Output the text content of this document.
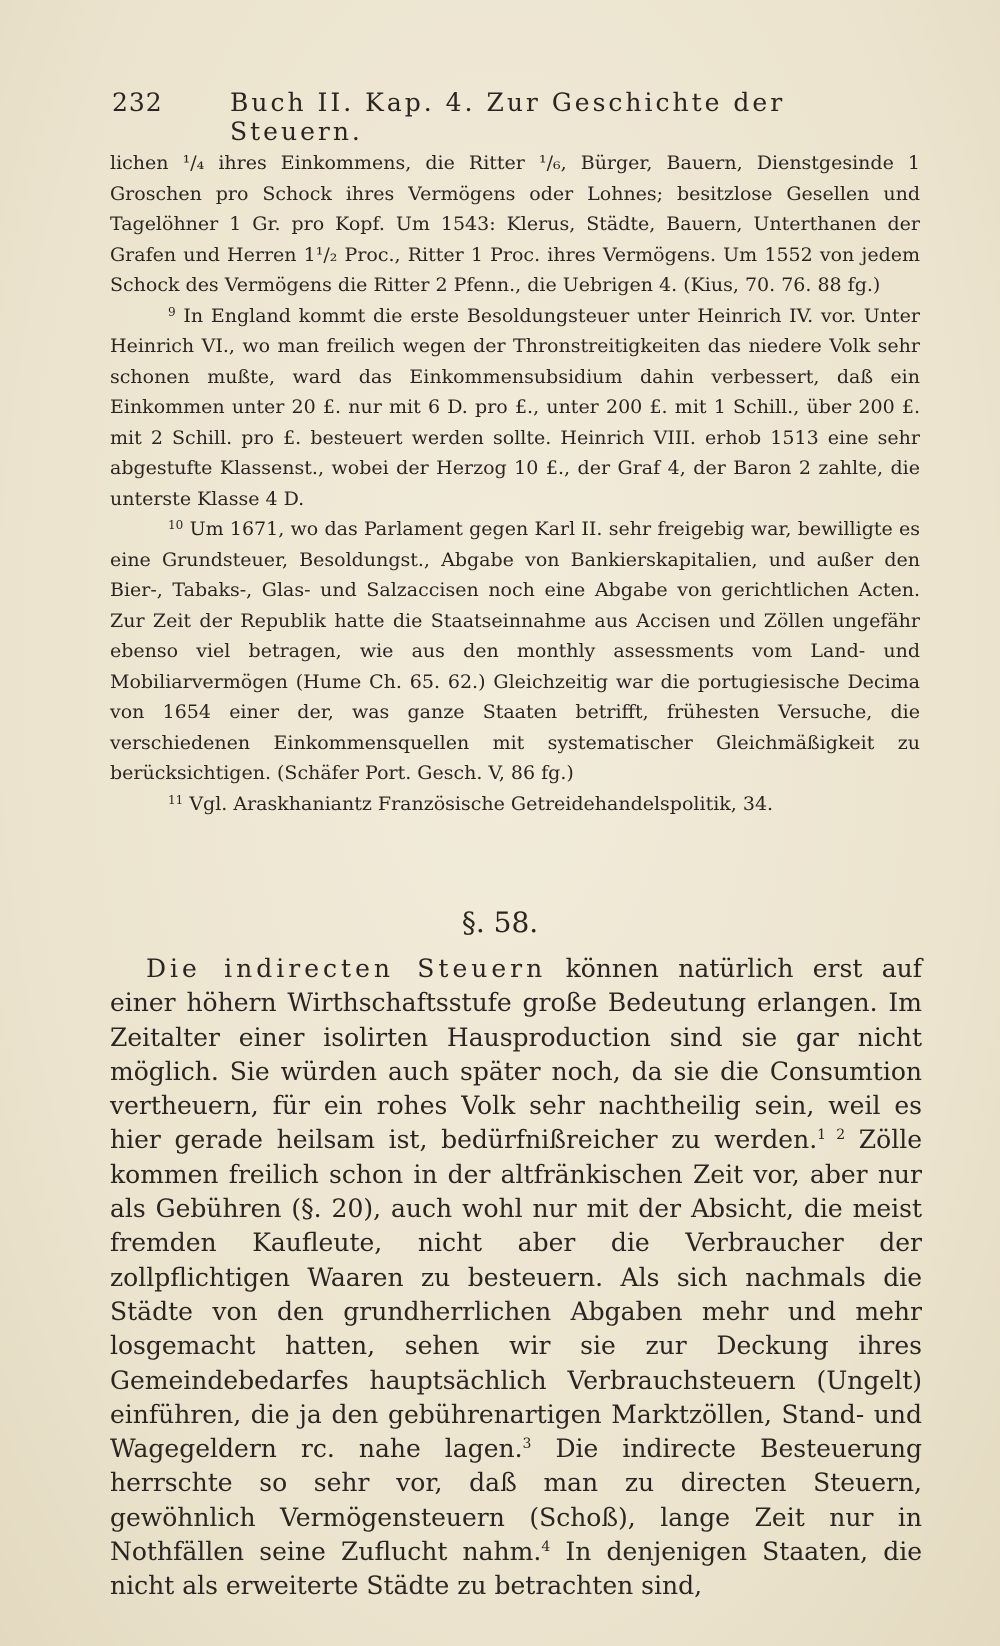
232	Buch II. Kap. 4. Zur Geschichte der Steuern.

lichen ¹/₄ ihres Einkommens, die Ritter ¹/₆, Bürger, Bauern, Dienstgesinde 1 Groschen pro Schock ihres Vermögens oder Lohnes; besitzlose Gesellen und Tagelöhner 1 Gr. pro Kopf. Um 1543: Klerus, Städte, Bauern, Unterthanen der Grafen und Herren 1¹/₂ Proc., Ritter 1 Proc. ihres Vermögens. Um 1552 von jedem Schock des Vermögens die Ritter 2 Pfenn., die Uebrigen 4. (Kius, 70. 76. 88 fg.)

$^9$ In England kommt die erste Besoldungsteuer unter Heinrich IV. vor. Unter Heinrich VI., wo man freilich wegen der Thronstreitigkeiten das niedere Volk sehr schonen mußte, ward das Einkommensubsidium dahin verbessert, daß ein Einkommen unter 20 £. nur mit 6 D. pro £., unter 200 £. mit 1 Schill., über 200 £. mit 2 Schill. pro £. besteuert werden sollte. Heinrich VIII. erhob 1513 eine sehr abgestufte Klassenst., wobei der Herzog 10 £., der Graf 4, der Baron 2 zahlte, die unterste Klasse 4 D.

$^{10}$ Um 1671, wo das Parlament gegen Karl II. sehr freigebig war, bewilligte es eine Grundsteuer, Besoldungst., Abgabe von Bankierskapitalien, und außer den Bier-, Tabaks-, Glas- und Salzaccisen noch eine Abgabe von gerichtlichen Acten. Zur Zeit der Republik hatte die Staatseinnahme aus Accisen und Zöllen ungefähr ebenso viel betragen, wie aus den monthly assessments vom Land- und Mobiliarvermögen (Hume Ch. 65. 62.) Gleichzeitig war die portugiesische Decima von 1654 einer der, was ganze Staaten betrifft, frühesten Versuche, die verschiedenen Einkommensquellen mit systematischer Gleichmäßigkeit zu berücksichtigen. (Schäfer Port. Gesch. V, 86 fg.)

$^{11}$ Vgl. Araskhaniantz Französische Getreidehandelspolitik, 34.

§. 58.

Die indirecten Steuern können natürlich erst auf einer höhern Wirthschaftsstufe große Bedeutung erlangen. Im Zeitalter einer isolirten Hausproduction sind sie gar nicht möglich. Sie würden auch später noch, da sie die Consumtion vertheuern, für ein rohes Volk sehr nachtheilig sein, weil es hier gerade heilsam ist, bedürfnißreicher zu werden.$^{1 2}$ Zölle kommen freilich schon in der altfränkischen Zeit vor, aber nur als Gebühren (§. 20), auch wohl nur mit der Absicht, die meist fremden Kaufleute, nicht aber die Verbraucher der zollpflichtigen Waaren zu besteuern. Als sich nachmals die Städte von den grundherrlichen Abgaben mehr und mehr losgemacht hatten, sehen wir sie zur Deckung ihres Gemeindebedarfes hauptsächlich Verbrauchsteuern (Ungelt) einführen, die ja den gebührenartigen Marktzöllen, Stand- und Wagegeldern rc. nahe lagen.$^3$ Die indirecte Besteuerung herrschte so sehr vor, daß man zu directen Steuern, gewöhnlich Vermögensteuern (Schoß), lange Zeit nur in Nothfällen seine Zuflucht nahm.$^4$ In denjenigen Staaten, die nicht als erweiterte Städte zu betrachten sind,
